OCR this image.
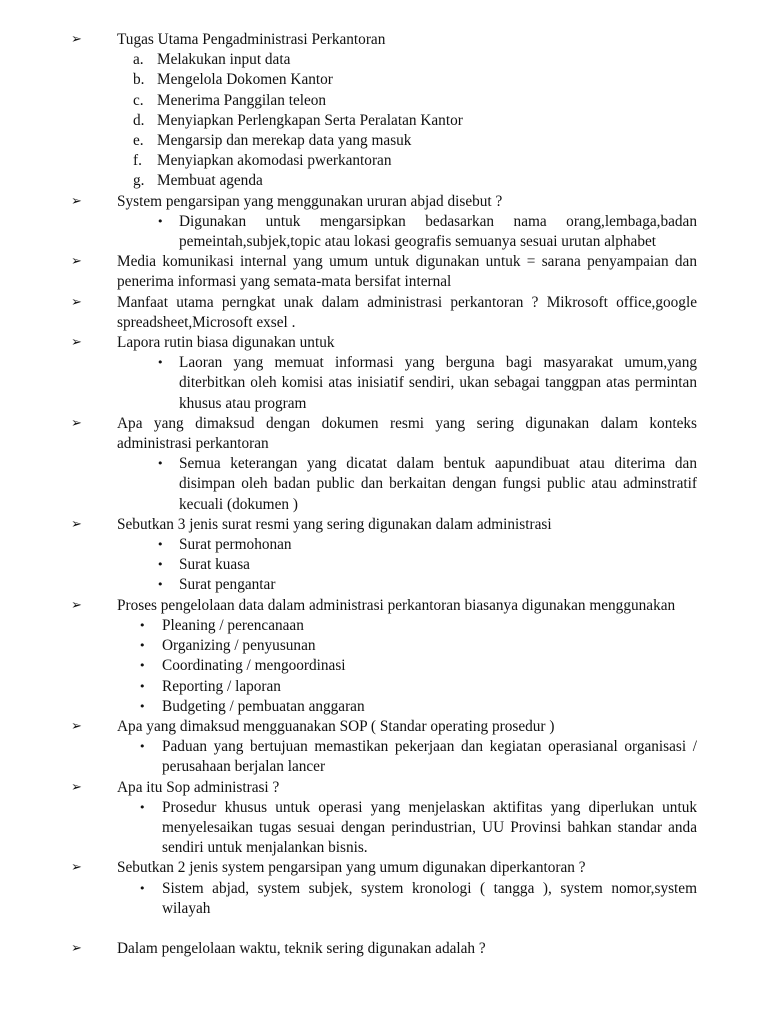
➢ Tugas Utama Pengadministrasi Perkantoran
a. Melakukan input data
b. Mengelola Dokomen Kantor
c. Menerima Panggilan teleon
d. Menyiapkan Perlengkapan Serta Peralatan Kantor
e. Mengarsip dan merekap data yang masuk
f. Menyiapkan akomodasi pwerkantoran
g. Membuat agenda
➢ System pengarsipan yang menggunakan ururan abjad disebut ?
• Digunakan untuk mengarsipkan bedasarkan nama orang,lembaga,badan pemeintah,subjek,topic atau lokasi geografis semuanya sesuai urutan alphabet
➢ Media komunikasi internal yang umum untuk digunakan untuk = sarana penyampaian dan penerima informasi yang semata-mata bersifat internal
➢ Manfaat utama perngkat unak dalam administrasi perkantoran ? Mikrosoft office,google spreadsheet,Microsoft exsel .
➢ Lapora rutin biasa digunakan untuk
• Laoran yang memuat informasi yang berguna bagi masyarakat umum,yang diterbitkan oleh komisi atas inisiatif sendiri, ukan sebagai tanggpan atas permintan khusus atau program
➢ Apa yang dimaksud dengan dokumen resmi yang sering digunakan dalam konteks administrasi perkantoran
• Semua keterangan yang dicatat dalam bentuk aapundibuat atau diterima dan disimpan oleh badan public dan berkaitan dengan fungsi public atau adminstratif kecuali (dokumen )
➢ Sebutkan 3 jenis surat resmi yang sering digunakan dalam administrasi
• Surat permohonan
• Surat kuasa
• Surat pengantar
➢ Proses pengelolaan data dalam administrasi perkantoran biasanya digunakan menggunakan
• Pleaning / perencanaan
• Organizing / penyusunan
• Coordinating / mengoordinasi
• Reporting / laporan
• Budgeting / pembuatan anggaran
➢ Apa yang dimaksud mengguanakan SOP ( Standar operating prosedur )
• Paduan yang bertujuan memastikan pekerjaan dan kegiatan operasianal organisasi / perusahaan berjalan lancer
➢ Apa itu Sop administrasi ?
• Prosedur khusus untuk operasi yang menjelaskan aktifitas yang diperlukan untuk menyelesaikan tugas sesuai dengan perindustrian, UU Provinsi bahkan standar anda sendiri untuk menjalankan bisnis.
➢ Sebutkan 2 jenis system pengarsipan yang umum digunakan diperkantoran ?
• Sistem abjad, system subjek, system kronologi ( tangga ), system nomor,system wilayah
➢ Dalam pengelolaan waktu, teknik sering digunakan adalah ?
